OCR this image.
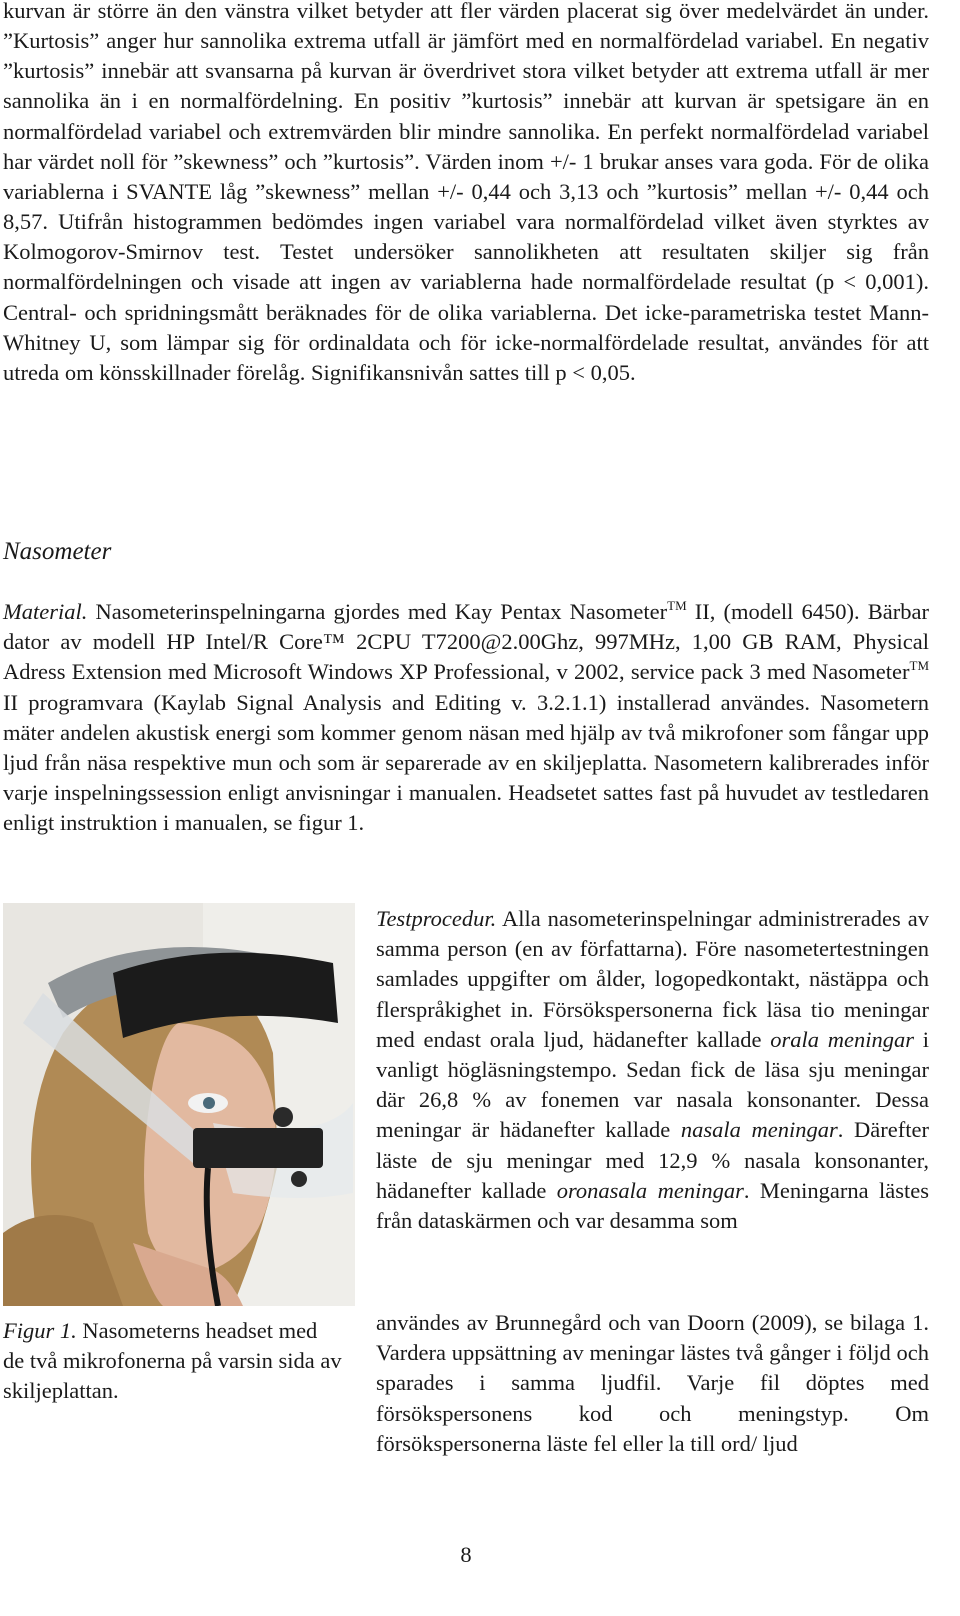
kurvan är större än den vänstra vilket betyder att fler värden placerat sig över medelvärdet än under. ”Kurtosis” anger hur sannolika extrema utfall är jämfört med en normalfördelad variabel. En negativ ”kurtosis” innebär att svansarna på kurvan är överdrivet stora vilket betyder att extrema utfall är mer sannolika än i en normalfördelning. En positiv ”kurtosis” innebär att kurvan är spetsigare än en normalfördelad variabel och extremvärden blir mindre sannolika. En perfekt normalfördelad variabel har värdet noll för ”skewness” och ”kurtosis”. Värden inom +/- 1 brukar anses vara goda. För de olika variablerna i SVANTE låg ”skewness” mellan +/- 0,44 och 3,13 och ”kurtosis” mellan +/- 0,44 och 8,57. Utifrån histogrammen bedömdes ingen variabel vara normalfördelad vilket även styrktes av Kolmogorov-Smirnov test. Testet undersöker sannolikheten att resultaten skiljer sig från normalfördelningen och visade att ingen av variablerna hade normalfördelade resultat (p < 0,001). Central- och spridningsmått beräknades för de olika variablerna. Det icke-parametriska testet Mann-Whitney U, som lämpar sig för ordinaldata och för icke-normalfördelade resultat, användes för att utreda om könsskillnader förelåg. Signifikansnivån sattes till p < 0,05.

Nasometer

Material. Nasometerinspelningarna gjordes med Kay Pentax Nasometer™ II, (modell 6450). Bärbar dator av modell HP Intel/R Core™ 2CPU T7200@2.00Ghz, 997MHz, 1,00 GB RAM, Physical Adress Extension med Microsoft Windows XP Professional, v 2002, service pack 3 med Nasometer™ II programvara (Kaylab Signal Analysis and Editing v. 3.2.1.1) installerad användes. Nasometern mäter andelen akustisk energi som kommer genom näsan med hjälp av två mikrofoner som fångar upp ljud från näsa respektive mun och som är separerade av en skiljeplatta. Nasometern kalibrerades inför varje inspelningssession enligt anvisningar i manualen. Headsetet sattes fast på huvudet av testledaren enligt instruktion i manualen, se figur 1.

Figur 1. Nasometerns headset med de två mikrofonerna på varsin sida av skiljeplattan.

Testprocedur. Alla nasometerinspelningar administrerades av samma person (en av författarna). Före nasometertestningen samlades uppgifter om ålder, logopedkontakt, nästäppa och flerspråkighet in. Försökspersonerna fick läsa tio meningar med endast orala ljud, hädanefter kallade orala meningar i vanligt högläsningstempo. Sedan fick de läsa sju meningar där 26,8 % av fonemen var nasala konsonanter. Dessa meningar är hädanefter kallade nasala meningar. Därefter läste de sju meningar med 12,9 % nasala konsonanter, hädanefter kallade oronasala meningar. Meningarna lästes från dataskärmen och var desamma som

användes av Brunnegård och van Doorn (2009), se bilaga 1. Vardera uppsättning av meningar lästes två gånger i följd och sparades i samma ljudfil. Varje fil döptes med försökspersonens kod och meningstyp. Om försökspersonerna läste fel eller la till ord/ ljud

8
